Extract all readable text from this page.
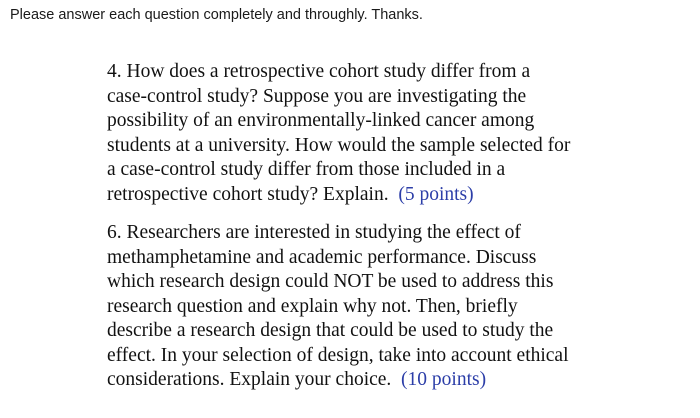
Please answer each question completely and throughly. Thanks.
4. How does a retrospective cohort study differ from a
case-control study? Suppose you are investigating the
possibility of an environmentally-linked cancer among
students at a university. How would the sample selected for
a case-control study differ from those included in a
retrospective cohort study? Explain. (5 points)
6. Researchers are interested in studying the effect of
methamphetamine and academic performance. Discuss
which research design could NOT be used to address this
research question and explain why not. Then, briefly
describe a research design that could be used to study the
effect. In your selection of design, take into account ethical
considerations. Explain your choice. (10 points)
